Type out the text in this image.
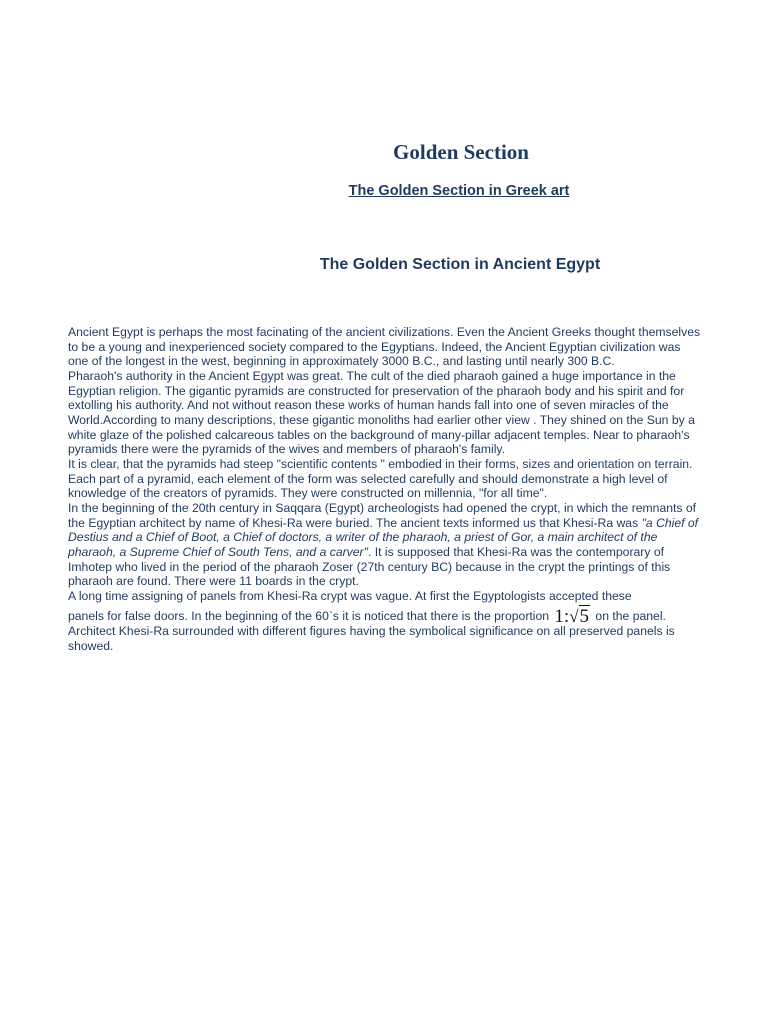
Golden Section
The Golden Section in Greek art
The Golden Section in Ancient Egypt

Ancient Egypt is perhaps the most facinating of the ancient civilizations. Even the Ancient Greeks thought themselves to be a young and inexperienced society compared to the Egyptians. Indeed, the Ancient Egyptian civilization was one of the longest in the west, beginning in approximately 3000 B.C., and lasting until nearly 300 B.C.

Pharaoh's authority in the Ancient Egypt was great. The cult of the died pharaoh gained a huge importance in the Egyptian religion. The gigantic pyramids are constructed for preservation of the pharaoh body and his spirit and for extolling his authority. And not without reason these works of human hands fall into one of seven miracles of the World.According to many descriptions, these gigantic monoliths had earlier other view . They shined on the Sun by a white glaze of the polished calcareous tables on the background of many-pillar adjacent temples. Near to pharaoh's pyramids there were the pyramids of the wives and members of pharaoh's family.

It is clear, that the pyramids had steep "scientific contents " embodied in their forms, sizes and orientation on terrain. Each part of a pyramid, each element of the form was selected carefully and should demonstrate a high level of knowledge of the creators of pyramids. They were constructed on millennia, "for all time".

In the beginning of the 20th century in Saqqara (Egypt) archeologists had opened the crypt, in which the remnants of the Egyptian architect by name of Khesi-Ra were buried. The ancient texts informed us that Khesi-Ra was "a Chief of Destius and a Chief of Boot, a Chief of doctors, a writer of the pharaoh, a priest of Gor, a main architect of the pharaoh, a Supreme Chief of South Tens, and a carver". It is supposed that Khesi-Ra was the contemporary of Imhotep who lived in the period of the pharaoh Zoser (27th century BC) because in the crypt the printings of this pharaoh are found. There were 11 boards in the crypt.

A long time assigning of panels from Khesi-Ra crypt was vague. At first the Egyptologists accepted these

panels for false doors. In the beginning of the 60`s it is noticed that there is the proportion 1:√5 on the panel. Architect Khesi-Ra surrounded with different figures having the symbolical significance on all preserved panels is showed.
